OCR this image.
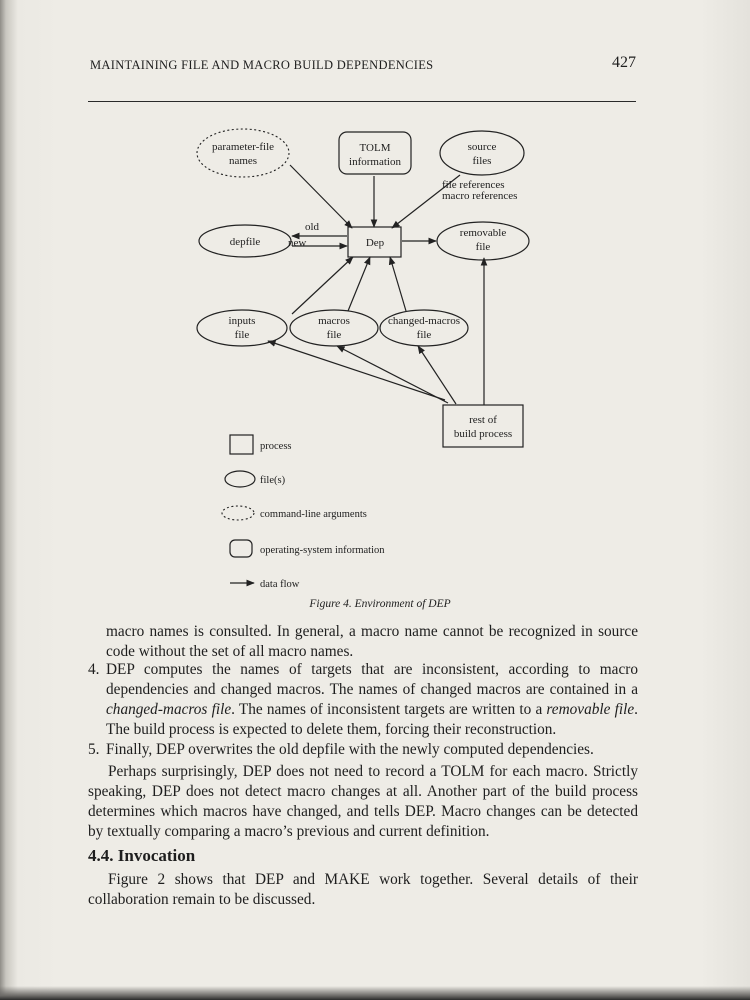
MAINTAINING FILE AND MACRO BUILD DEPENDENCIES	427
parameter-file
names
TOLM
information
source
files
file references
macro references
depfile
old
new	Dep
removable
file
inputs
file
macros
file
changed-macros
file
rest of
build process
process
file(s)
command-line arguments
operating-system information
data flow
Figure 4. Environment of DEP
macro names is consulted. In general, a macro name cannot be recognized in source code without the set of all macro names.
4. DEP computes the names of targets that are inconsistent, according to macro dependencies and changed macros. The names of changed macros are contained in a changed-macros file. The names of inconsistent targets are written to a removable file. The build process is expected to delete them, forcing their reconstruction.
5. Finally, DEP overwrites the old depfile with the newly computed dependencies.
Perhaps surprisingly, DEP does not need to record a TOLM for each macro. Strictly speaking, DEP does not detect macro changes at all. Another part of the build process determines which macros have changed, and tells DEP. Macro changes can be detected by textually comparing a macro’s previous and current definition.
4.4. Invocation
Figure 2 shows that DEP and MAKE work together. Several details of their collaboration remain to be discussed.
